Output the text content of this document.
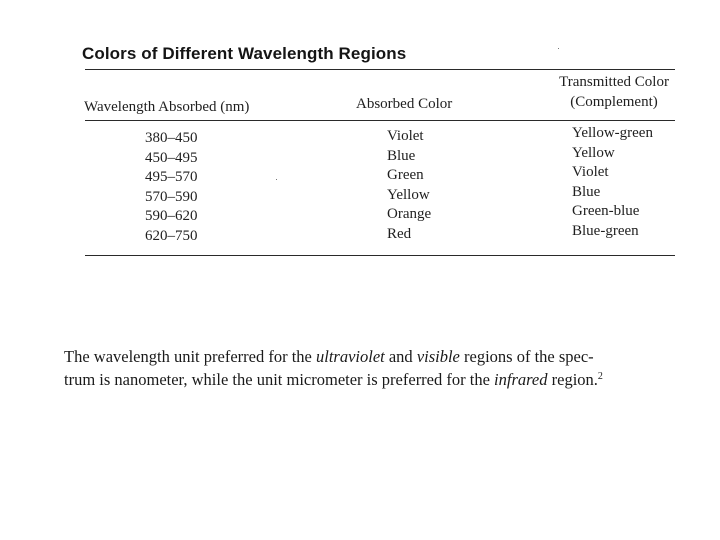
Colors of Different Wavelength Regions
Wavelength Absorbed (nm)	Absorbed Color
Transmitted Color
(Complement)
380–450
450–495
495–570
570–590
590–620
620–750
Violet
Blue
Green
Yellow
Orange
Red
Yellow-green
Yellow
Violet
Blue
Green-blue
Blue-green
The wavelength unit preferred for the ultraviolet and visible regions of the spec-
trum is nanometer, while the unit micrometer is preferred for the infrared region.$^2$
